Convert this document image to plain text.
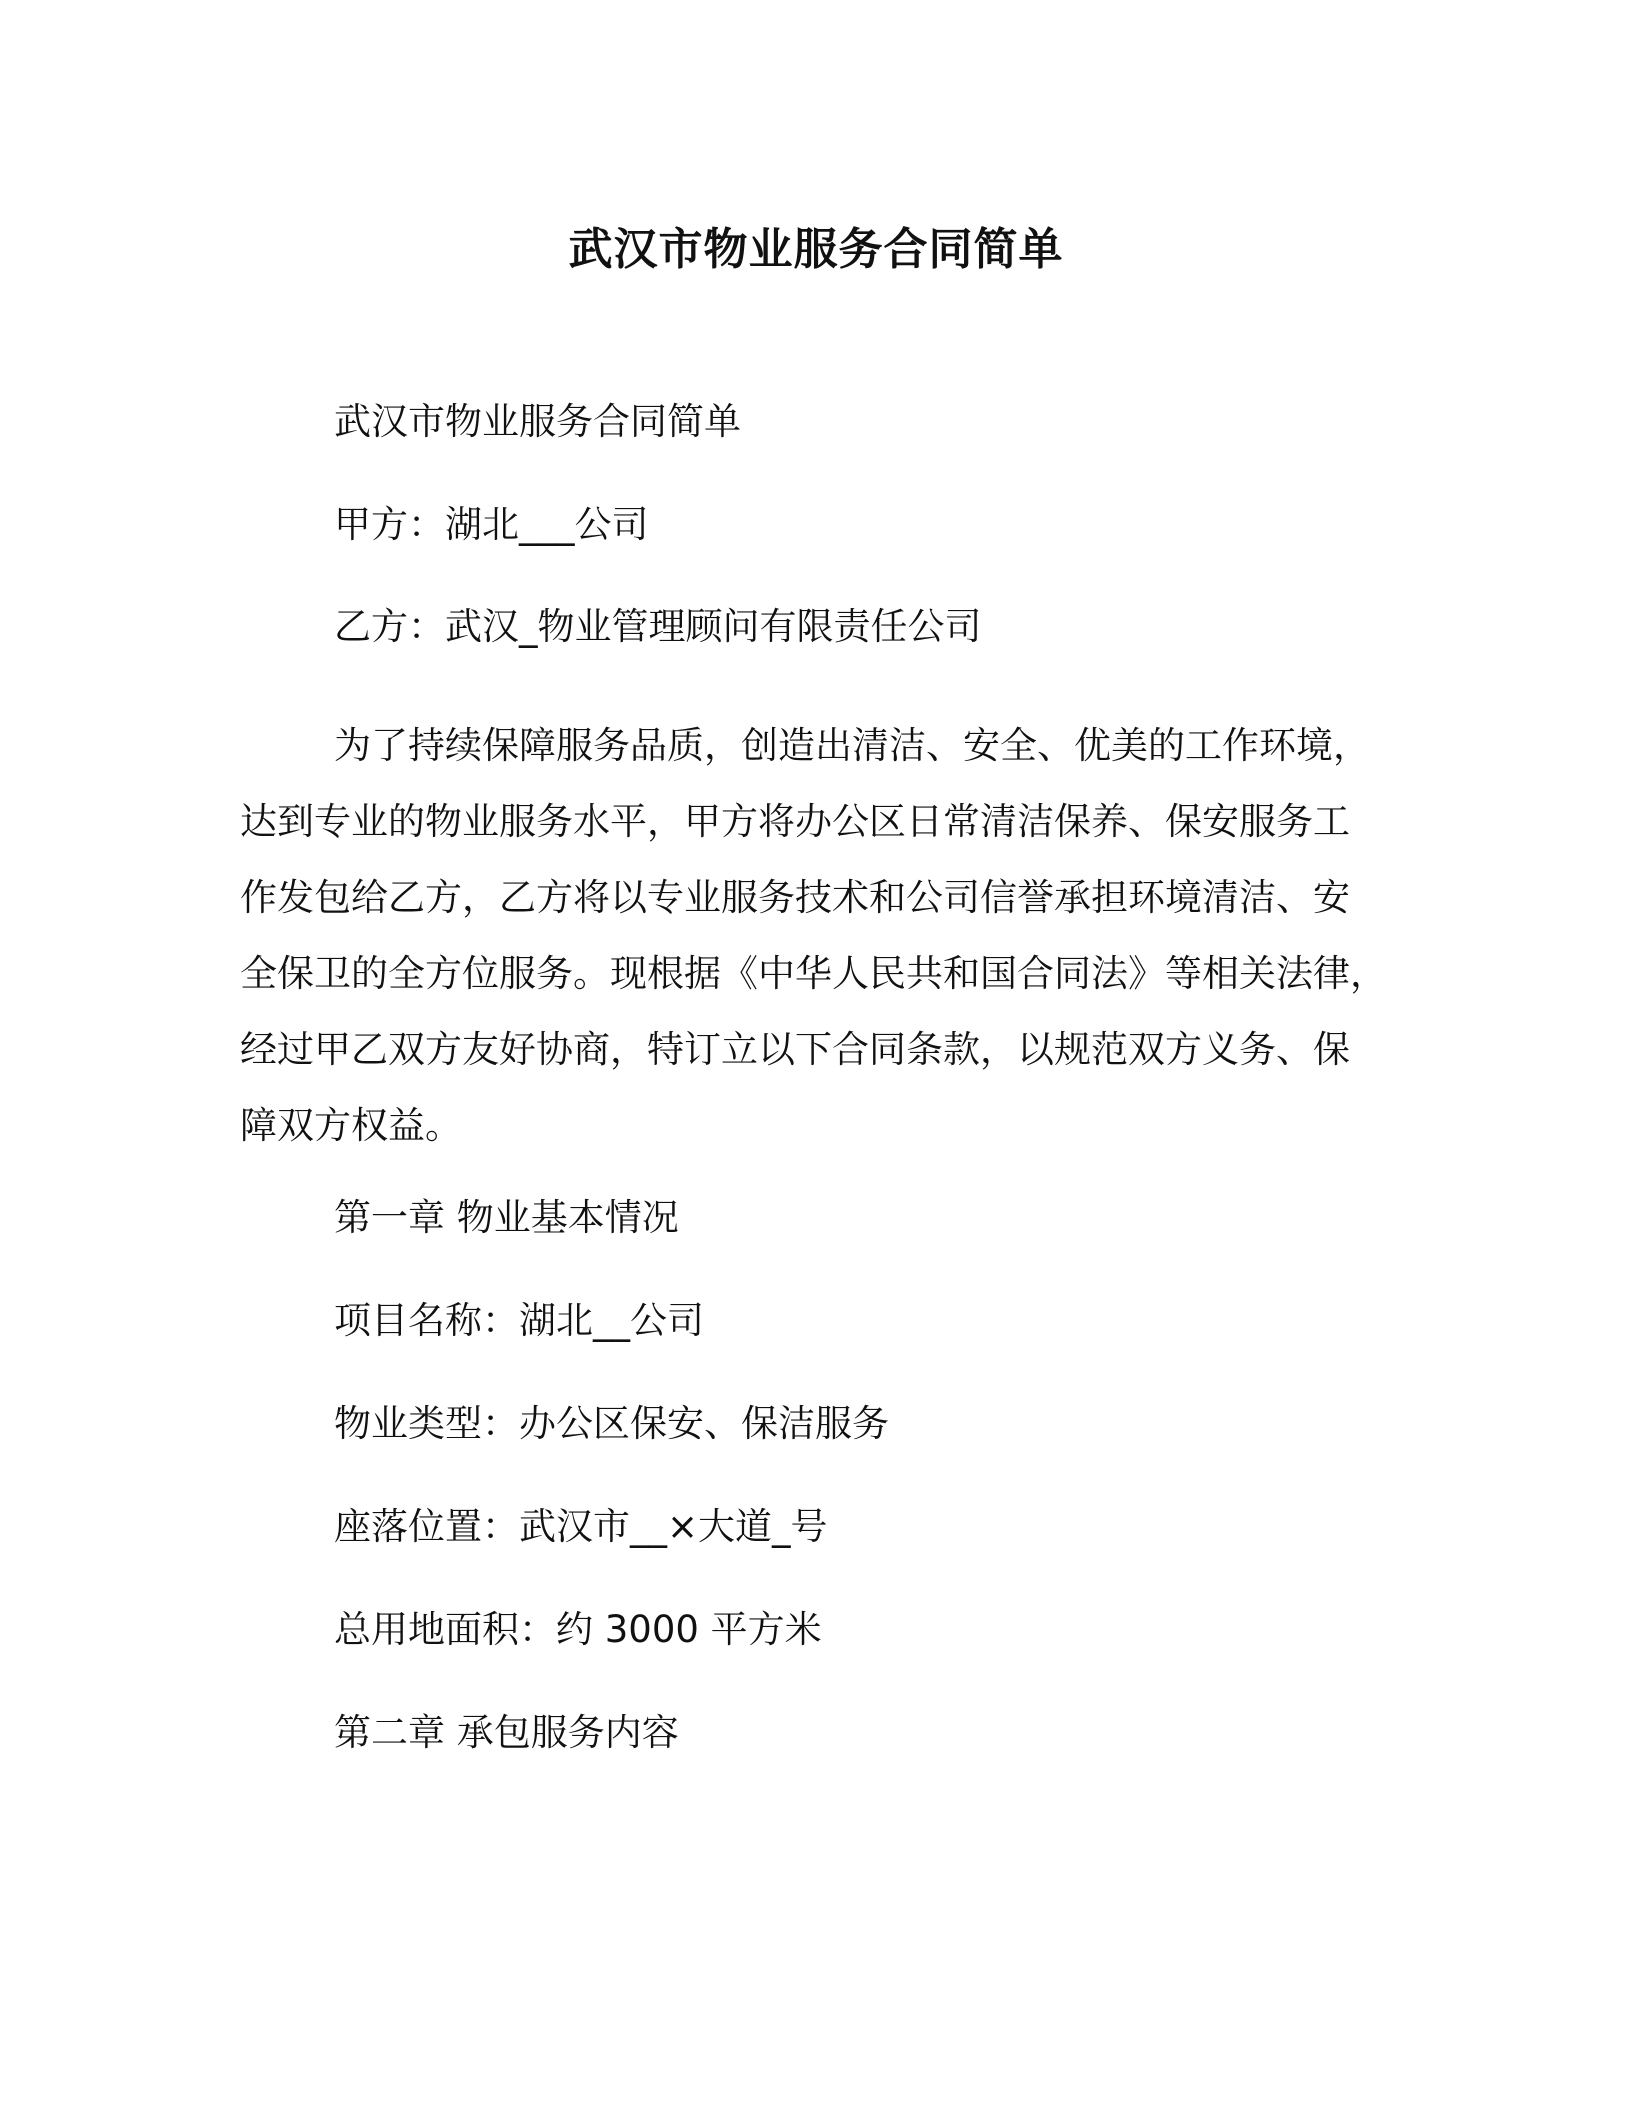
武汉市物业服务合同简单
武汉市物业服务合同简单
甲方：湖北___公司
乙方：武汉_物业管理顾问有限责任公司
为了持续保障服务品质，创造出清洁、安全、优美的工作环境，
达到专业的物业服务水平，甲方将办公区日常清洁保养、保安服务工
作发包给乙方，乙方将以专业服务技术和公司信誉承担环境清洁、安
全保卫的全方位服务。现根据《中华人民共和国合同法》等相关法律，
经过甲乙双方友好协商，特订立以下合同条款，以规范双方义务、保
障双方权益。
第一章 物业基本情况
项目名称：湖北__公司
物业类型：办公区保安、保洁服务
座落位置：武汉市__×大道_号
总用地面积：约 3000 平方米
第二章 承包服务内容
